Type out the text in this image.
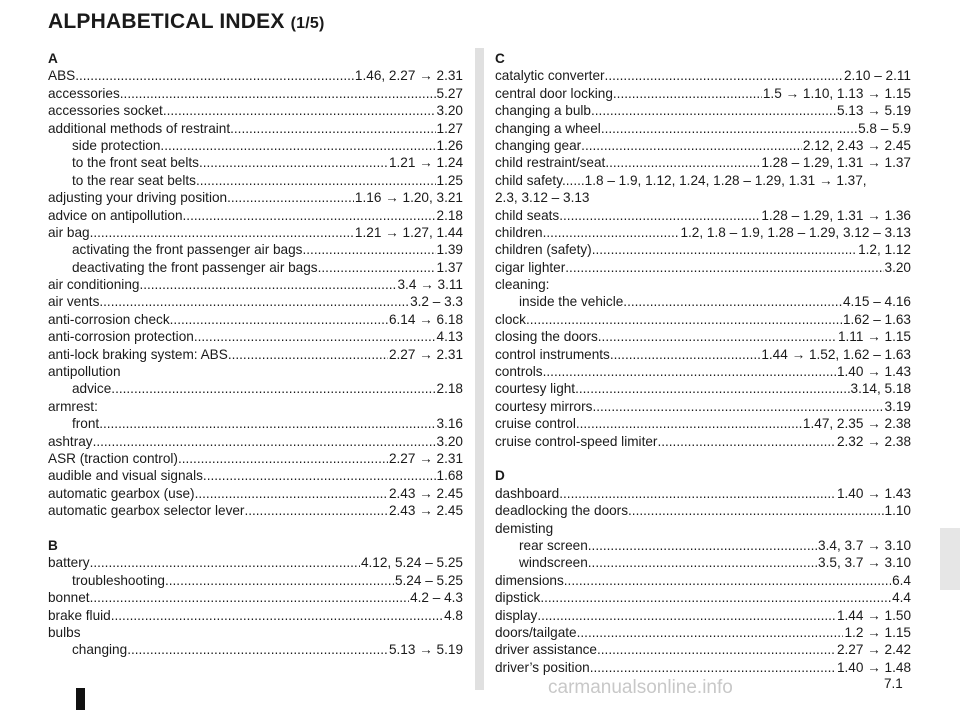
ALPHABETICAL INDEX (1/5)
A
ABS .....	1.46, 2.27 → 2.31
accessories .....	5.27
accessories socket .....	3.20
additional methods of restraint .....	1.27
side protection .....	1.26
to the front seat belts .....	1.21 → 1.24
to the rear seat belts .....	1.25
adjusting your driving position .....	1.16 → 1.20, 3.21
advice on antipollution .....	2.18
air bag .....	1.21 → 1.27, 1.44
activating the front passenger air bags .....	1.39
deactivating the front passenger air bags .....	1.37
air conditioning .....	3.4 → 3.11
air vents .....	3.2 – 3.3
anti-corrosion check .....	6.14 → 6.18
anti-corrosion protection .....	4.13
anti-lock braking system: ABS .....	2.27 → 2.31
antipollution
advice .....	2.18
armrest:
front .....	3.16
ashtray .....	3.20
ASR (traction control) .....	2.27 → 2.31
audible and visual signals .....	1.68
automatic gearbox (use) .....	2.43 → 2.45
automatic gearbox selector lever .....	2.43 → 2.45
B
battery .....	4.12, 5.24 – 5.25
troubleshooting .....	5.24 – 5.25
bonnet .....	4.2 – 4.3
brake fluid .....	4.8
bulbs
changing .....	5.13 → 5.19
C
catalytic converter .....	2.10 – 2.11
central door locking .....	1.5 → 1.10, 1.13 → 1.15
changing a bulb .....	5.13 → 5.19
changing a wheel .....	5.8 – 5.9
changing gear .....	2.12, 2.43 → 2.45
child restraint/seat .....	1.28 – 1.29, 1.31 → 1.37
child safety......1.8 – 1.9, 1.12, 1.24, 1.28 – 1.29, 1.31 → 1.37,
2.3, 3.12 – 3.13
child seats .....	1.28 – 1.29, 1.31 → 1.36
children .....	1.2, 1.8 – 1.9, 1.28 – 1.29, 3.12 – 3.13
children (safety) .....	1.2, 1.12
cigar lighter .....	3.20
cleaning:
inside the vehicle .....	4.15 – 4.16
clock .....	1.62 – 1.63
closing the doors .....	1.11 → 1.15
control instruments .....	1.44 → 1.52, 1.62 – 1.63
controls .....	1.40 → 1.43
courtesy light .....	3.14, 5.18
courtesy mirrors .....	3.19
cruise control .....	1.47, 2.35 → 2.38
cruise control-speed limiter .....	2.32 → 2.38
D
dashboard .....	1.40 → 1.43
deadlocking the doors .....	1.10
demisting
rear screen .....	3.4, 3.7 → 3.10
windscreen .....	3.5, 3.7 → 3.10
dimensions .....	6.4
dipstick .....	4.4
display .....	1.44 → 1.50
doors/tailgate .....	1.2 → 1.15
driver assistance .....	2.27 → 2.42
driver’s position .....	1.40 → 1.48
carmanualsonline.info	7.1
